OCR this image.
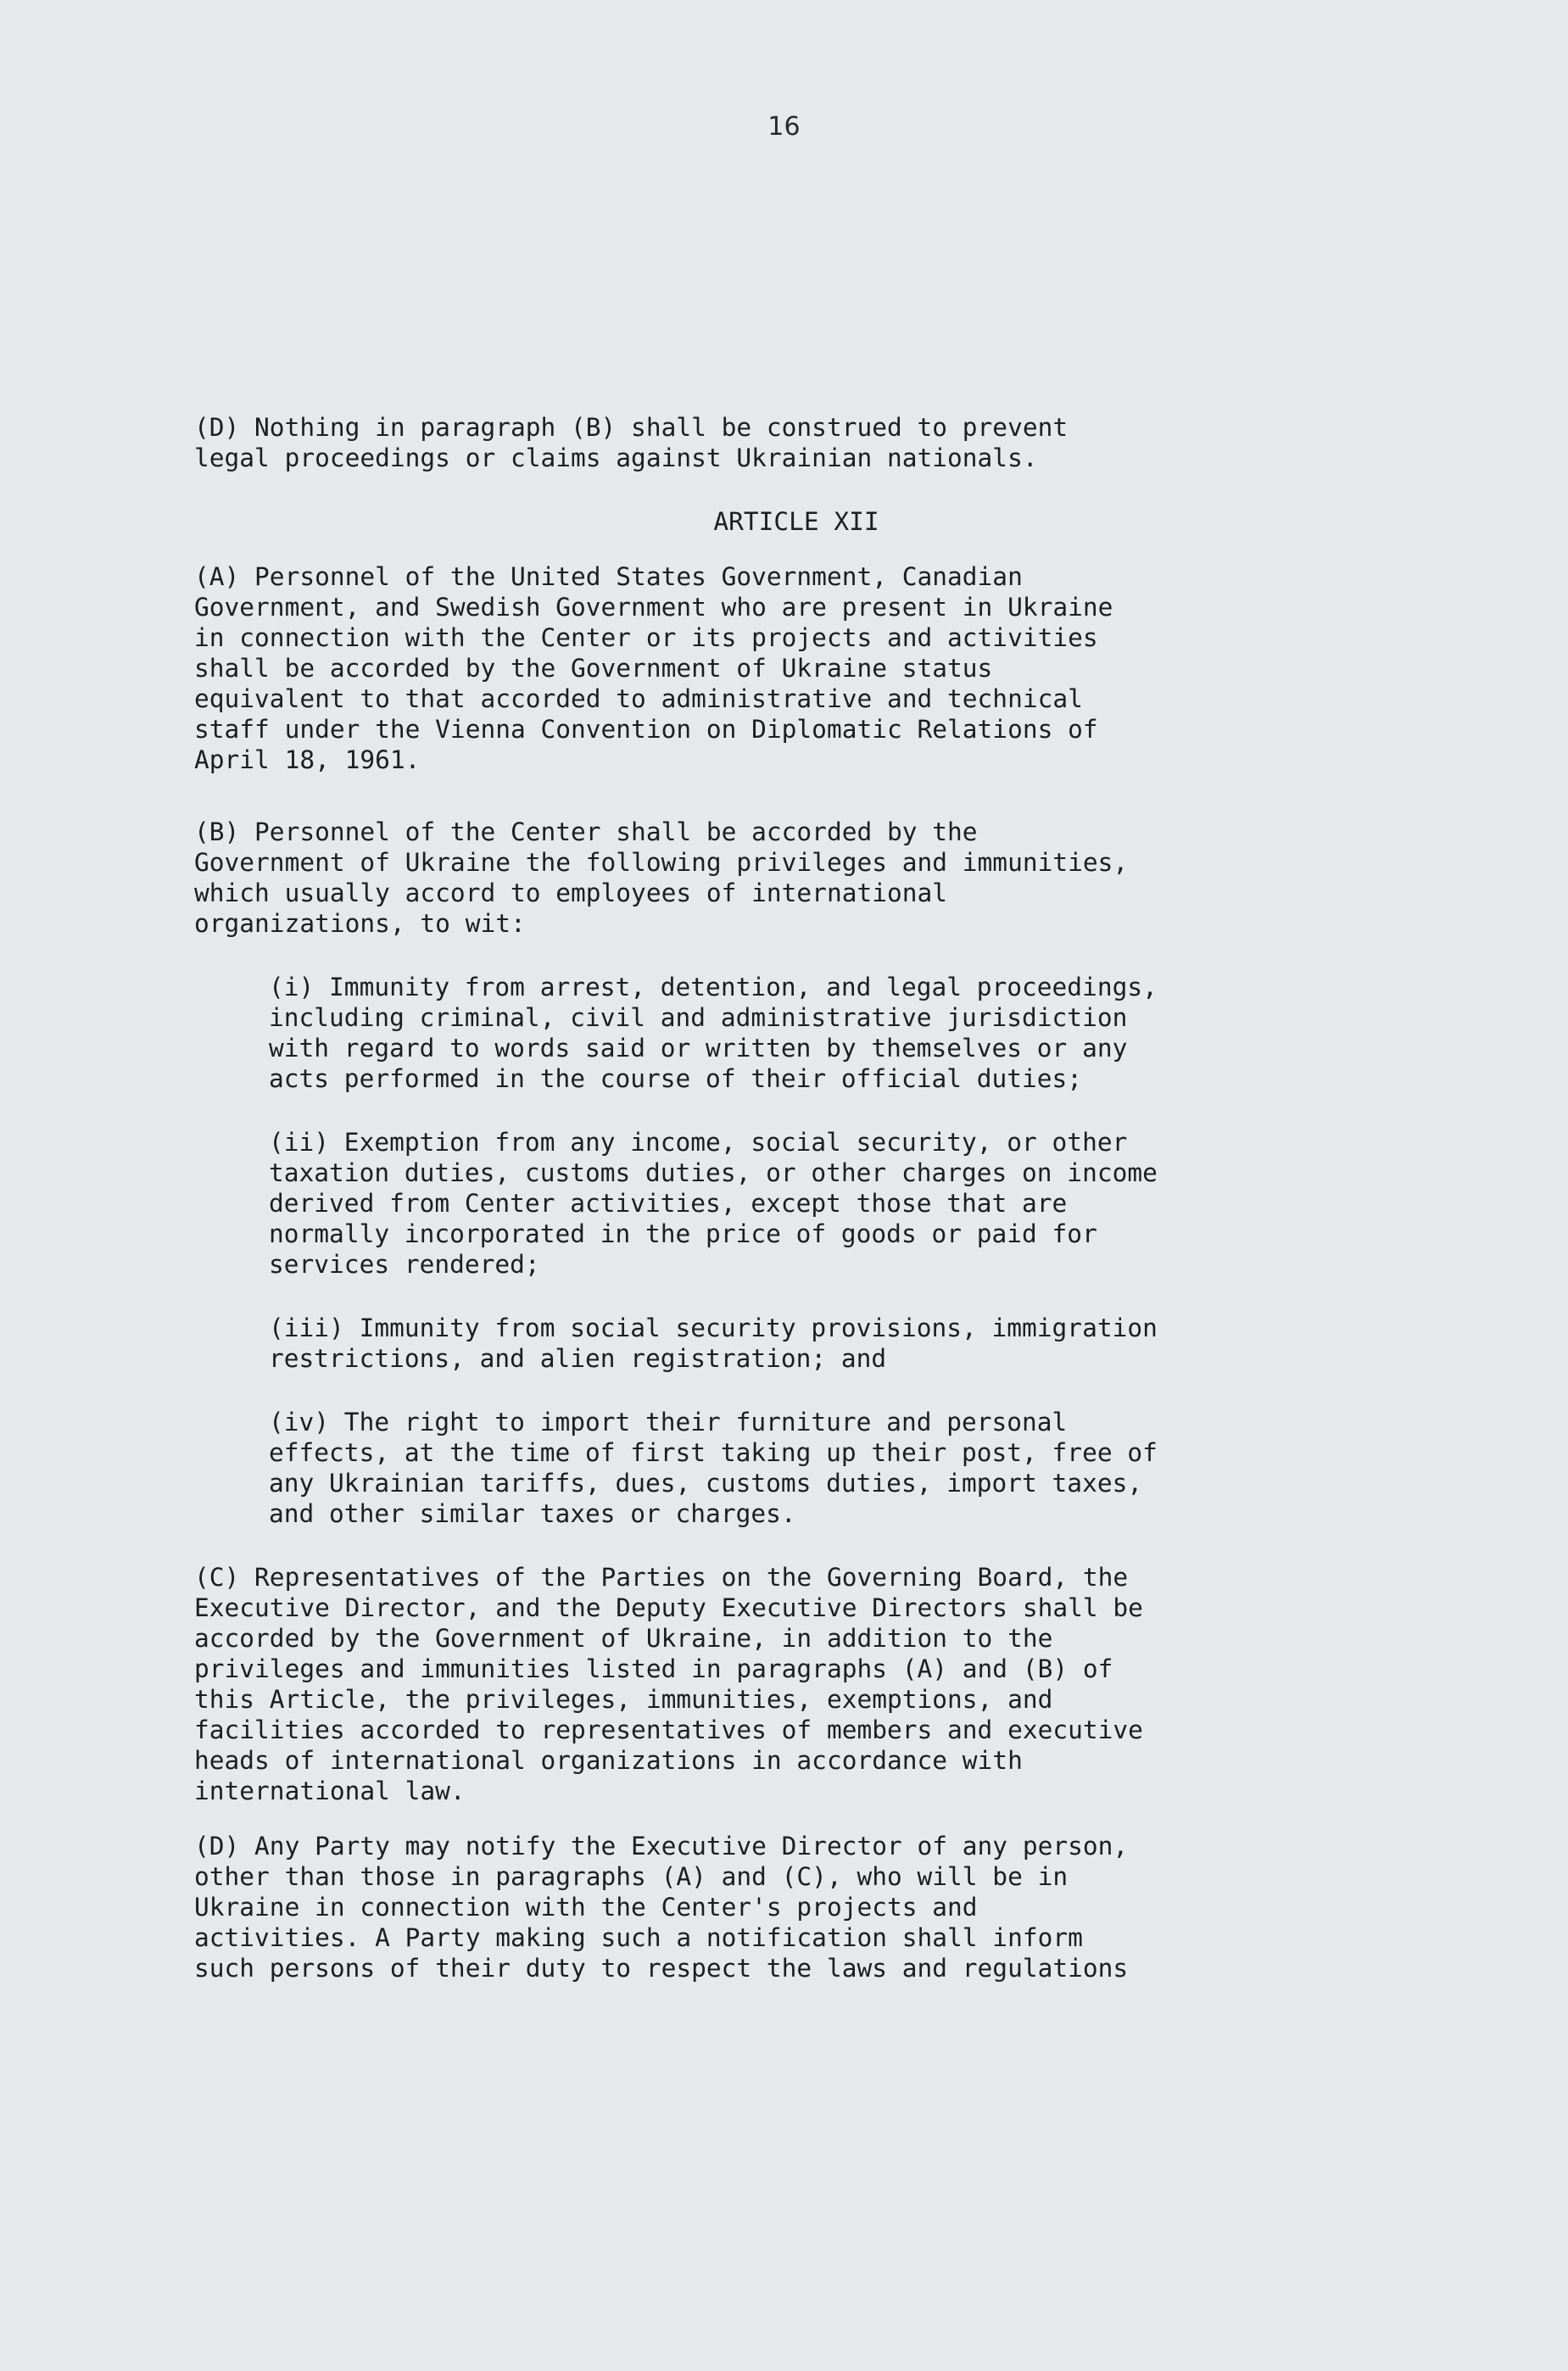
16

(D) Nothing in paragraph (B) shall be construed to prevent
legal proceedings or claims against Ukrainian nationals.

ARTICLE XII

(A) Personnel of the United States Government, Canadian
Government, and Swedish Government who are present in Ukraine
in connection with the Center or its projects and activities
shall be accorded by the Government of Ukraine status
equivalent to that accorded to administrative and technical
staff under the Vienna Convention on Diplomatic Relations of
April 18, 1961.

(B) Personnel of the Center shall be accorded by the
Government of Ukraine the following privileges and immunities,
which usually accord to employees of international
organizations, to wit:

(i) Immunity from arrest, detention, and legal proceedings,
including criminal, civil and administrative jurisdiction
with regard to words said or written by themselves or any
acts performed in the course of their official duties;

(ii) Exemption from any income, social security, or other
taxation duties, customs duties, or other charges on income
derived from Center activities, except those that are
normally incorporated in the price of goods or paid for
services rendered;

(iii) Immunity from social security provisions, immigration
restrictions, and alien registration; and

(iv) The right to import their furniture and personal
effects, at the time of first taking up their post, free of
any Ukrainian tariffs, dues, customs duties, import taxes,
and other similar taxes or charges.

(C) Representatives of the Parties on the Governing Board, the
Executive Director, and the Deputy Executive Directors shall be
accorded by the Government of Ukraine, in addition to the
privileges and immunities listed in paragraphs (A) and (B) of
this Article, the privileges, immunities, exemptions, and
facilities accorded to representatives of members and executive
heads of international organizations in accordance with
international law.

(D) Any Party may notify the Executive Director of any person,
other than those in paragraphs (A) and (C), who will be in
Ukraine in connection with the Center's projects and
activities. A Party making such a notification shall inform
such persons of their duty to respect the laws and regulations
